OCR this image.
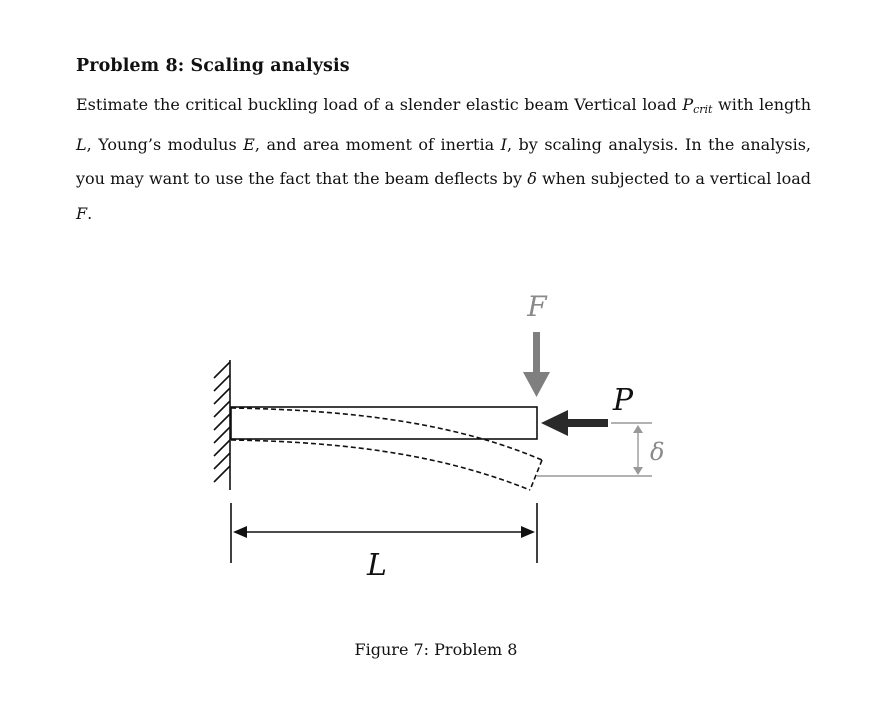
Problem 8: Scaling analysis
Estimate the critical buckling load of a slender elastic beam Vertical load $P_{crit}$ with length L, Young’s modulus E, and area moment of inertia I, by scaling analysis. In the analysis, you may want to use the fact that the beam deflects by δ when subjected to a vertical load F.
F
P
δ
L
Figure 7: Problem 8
